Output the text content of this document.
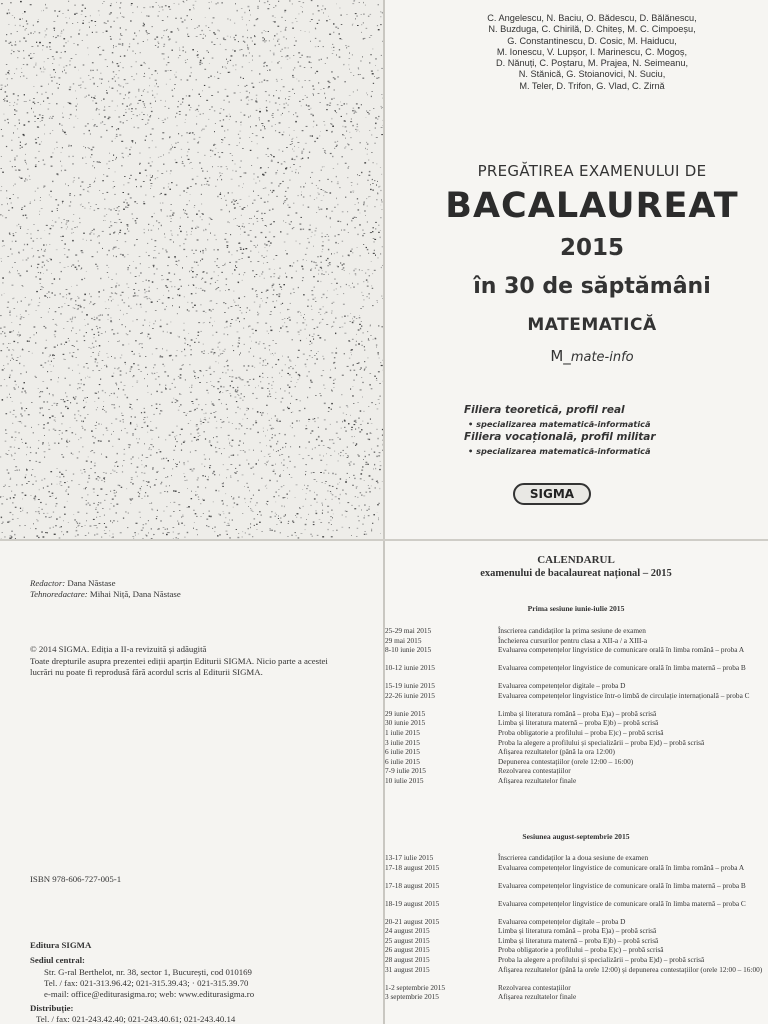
C. Angelescu, N. Baciu, O. Bădescu, D. Bălănescu,
N. Buzduga, C. Chirilă, D. Chiteș, M. C. Cimpoeșu,
G. Constantinescu, D. Cosic, M. Haiducu,
M. Ionescu, V. Lupșor, I. Marinescu, C. Mogoș,
D. Nănuți, C. Poștaru, M. Prajea, N. Seimeanu,
N. Stănică, G. Stoianovici, N. Suciu,
M. Teler, D. Trifon, G. Vlad, C. Zirnă
PREGĂTIREA EXAMENULUI DE
BACALAUREAT
2015
în 30 de săptămâni
MATEMATICĂ
M_mate-info
Filiera teoretică, profil real
• specializarea matematică-informatică
Filiera vocațională, profil militar
• specializarea matematică-informatică
SIGMA
Redactor: Dana Năstase
Tehnoredactare: Mihai Niță, Dana Năstase
© 2014 SIGMA. Ediția a II-a revizuită și adăugită
Toate drepturile asupra prezentei ediții aparțin Editurii SIGMA. Nicio parte a acestei
lucrări nu poate fi reprodusă fără acordul scris al Editurii SIGMA.
ISBN 978-606-727-005-1
Editura SIGMA
Sediul central:
Str. G-ral Berthelot, nr. 38, sector 1, București, cod 010169
Tel. / fax: 021-313.96.42; 021-315.39.43; · 021-315.39.70
e-mail: office@editurasigma.ro; web: www.editurasigma.ro
Distribuție:
Tel. / fax: 021-243.42.40; 021-243.40.61; 021-243.40.14
CALENDARUL
examenului de bacalaureat național – 2015
Prima sesiune iunie-iulie 2015
25-29 mai 2015	Înscrierea candidaților la prima sesiune de examen
29 mai 2015	Încheierea cursurilor pentru clasa a XII-a / a XIII-a
8-10 iunie 2015	Evaluarea competențelor lingvistice de comunicare orală în limba română – proba A
10-12 iunie 2015	Evaluarea competențelor lingvistice de comunicare orală în limba maternă – proba B
15-19 iunie 2015	Evaluarea competențelor digitale – proba D
22-26 iunie 2015	Evaluarea competențelor lingvistice într-o limbă de circulație internațională – proba C
29 iunie 2015	Limba și literatura română – proba E)a) – probă scrisă
30 iunie 2015	Limba și literatura maternă – proba E)b) – probă scrisă
1 iulie 2015	Proba obligatorie a profilului – proba E)c) – probă scrisă
3 iulie 2015	Proba la alegere a profilului și specializării – proba E)d) – probă scrisă
6 iulie 2015	Afișarea rezultatelor (până la ora 12:00)
6 iulie 2015	Depunerea contestațiilor (orele 12:00 – 16:00)
7-9 iulie 2015	Rezolvarea contestațiilor
10 iulie 2015	Afișarea rezultatelor finale
Sesiunea august-septembrie 2015
13-17 iulie 2015	Înscrierea candidaților la a doua sesiune de examen
17-18 august 2015	Evaluarea competențelor lingvistice de comunicare orală în limba română – proba A
17-18 august 2015	Evaluarea competențelor lingvistice de comunicare orală în limba maternă – proba B
18-19 august 2015	Evaluarea competențelor lingvistice de comunicare orală în limba maternă – proba C
20-21 august 2015	Evaluarea competențelor digitale – proba D
24 august 2015	Limba și literatura română – proba E)a) – probă scrisă
25 august 2015	Limba și literatura maternă – proba E)b) – probă scrisă
26 august 2015	Proba obligatorie a profilului – proba E)c) – probă scrisă
28 august 2015	Proba la alegere a profilului și specializării – proba E)d) – probă scrisă
31 august 2015	Afișarea rezultatelor (până la orele 12:00) și depunerea contestațiilor (orele 12:00 – 16:00)
1-2 septembrie 2015	Rezolvarea contestațiilor
3 septembrie 2015	Afișarea rezultatelor finale
